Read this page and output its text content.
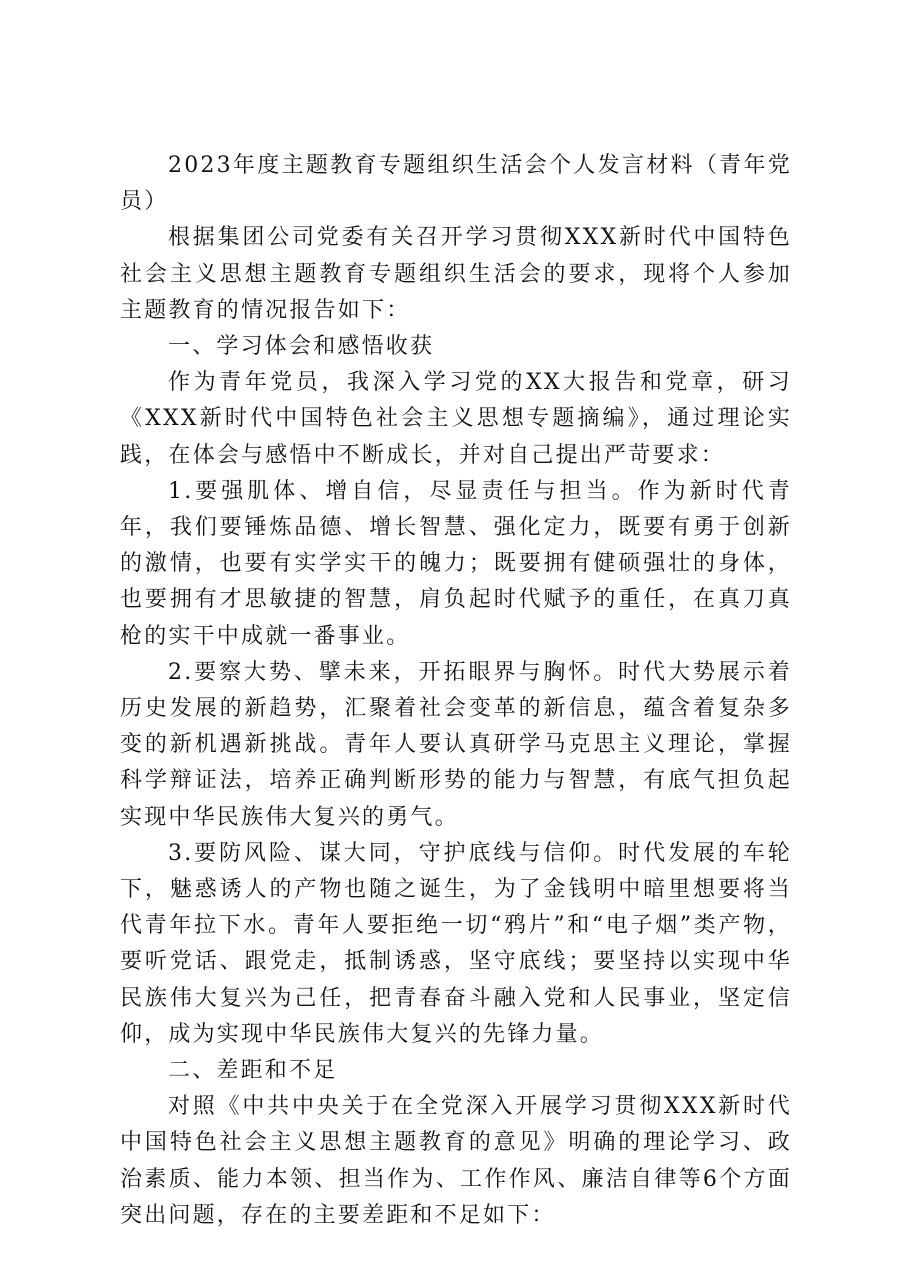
2023年度主题教育专题组织生活会个人发言材料（青年党员）

根据集团公司党委有关召开学习贯彻XXX新时代中国特色社会主义思想主题教育专题组织生活会的要求，现将个人参加主题教育的情况报告如下：

一、学习体会和感悟收获

作为青年党员，我深入学习党的XX大报告和党章，研习《XXX新时代中国特色社会主义思想专题摘编》，通过理论实践，在体会与感悟中不断成长，并对自己提出严苛要求：

1.要强肌体、增自信，尽显责任与担当。作为新时代青年，我们要锤炼品德、增长智慧、强化定力，既要有勇于创新的激情，也要有实学实干的魄力；既要拥有健硕强壮的身体，也要拥有才思敏捷的智慧，肩负起时代赋予的重任，在真刀真枪的实干中成就一番事业。

2.要察大势、擘未来，开拓眼界与胸怀。时代大势展示着历史发展的新趋势，汇聚着社会变革的新信息，蕴含着复杂多变的新机遇新挑战。青年人要认真研学马克思主义理论，掌握科学辩证法，培养正确判断形势的能力与智慧，有底气担负起实现中华民族伟大复兴的勇气。

3.要防风险、谋大同，守护底线与信仰。时代发展的车轮下，魅惑诱人的产物也随之诞生，为了金钱明中暗里想要将当代青年拉下水。青年人要拒绝一切“鸦片”和“电子烟”类产物，要听党话、跟党走，抵制诱惑，坚守底线；要坚持以实现中华民族伟大复兴为己任，把青春奋斗融入党和人民事业，坚定信仰，成为实现中华民族伟大复兴的先锋力量。

二、差距和不足

对照《中共中央关于在全党深入开展学习贯彻XXX新时代中国特色社会主义思想主题教育的意见》明确的理论学习、政治素质、能力本领、担当作为、工作作风、廉洁自律等6个方面突出问题，存在的主要差距和不足如下：
